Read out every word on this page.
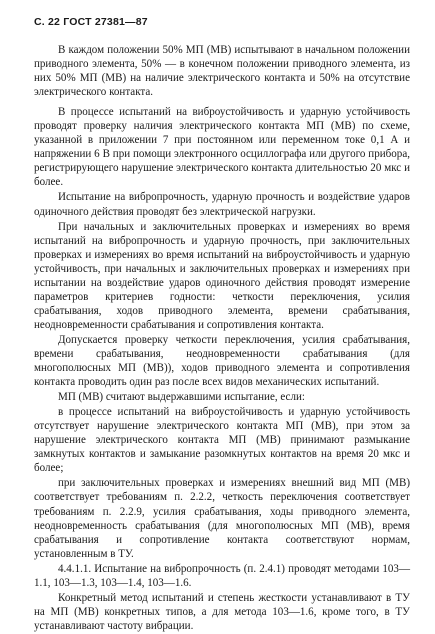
С. 22 ГОСТ 27381—87

В каждом положении 50% МП (МВ) испытывают в начальном положении приводного элемента, 50% — в конечном положении приводного элемента, из них 50% МП (МВ) на наличие электрического контакта и 50% на отсутствие электрического контакта.

В процессе испытаний на виброустойчивость и ударную устойчивость проводят проверку наличия электрического контакта МП (МВ) по схеме, указанной в приложении 7 при постоянном или переменном токе 0,1 А и напряжении 6 В при помощи электронного осциллографа или другого прибора, регистрирующего нарушение электрического контакта длительностью 20 мкс и более.

Испытание на вибропрочность, ударную прочность и воздействие ударов одиночного действия проводят без электрической нагрузки.

При начальных и заключительных проверках и измерениях во время испытаний на вибропрочность и ударную прочность, при заключительных проверках и измерениях во время испытаний на виброустойчивость и ударную устойчивость, при начальных и заключительных проверках и измерениях при испытании на воздействие ударов одиночного действия проводят измерение параметров критериев годности: четкости переключения, усилия срабатывания, ходов приводного элемента, времени срабатывания, неодновременности срабатывания и сопротивления контакта.

Допускается проверку четкости переключения, усилия срабатывания, времени срабатывания, неодновременности срабатывания (для многополюсных МП (МВ)), ходов приводного элемента и сопротивления контакта проводить один раз после всех видов механических испытаний.

МП (МВ) считают выдержавшими испытание, если:

в процессе испытаний на виброустойчивость и ударную устойчивость отсутствует нарушение электрического контакта МП (МВ), при этом за нарушение электрического контакта МП (МВ) принимают размыкание замкнутых контактов и замыкание разомкнутых контактов на время 20 мкс и более;

при заключительных проверках и измерениях внешний вид МП (МВ) соответствует требованиям п. 2.2.2, четкость переключения соответствует требованиям п. 2.2.9, усилия срабатывания, ходы приводного элемента, неодновременность срабатывания (для многополюсных МП (МВ), время срабатывания и сопротивление контакта соответствуют нормам, установленным в ТУ.

4.4.1.1. Испытание на вибропрочность (п. 2.4.1) проводят методами 103—1.1, 103—1.3, 103—1.4, 103—1.6.

Конкретный метод испытаний и степень жесткости устанавливают в ТУ на МП (МВ) конкретных типов, а для метода 103—1.6, кроме того, в ТУ устанавливают частоту вибрации.
